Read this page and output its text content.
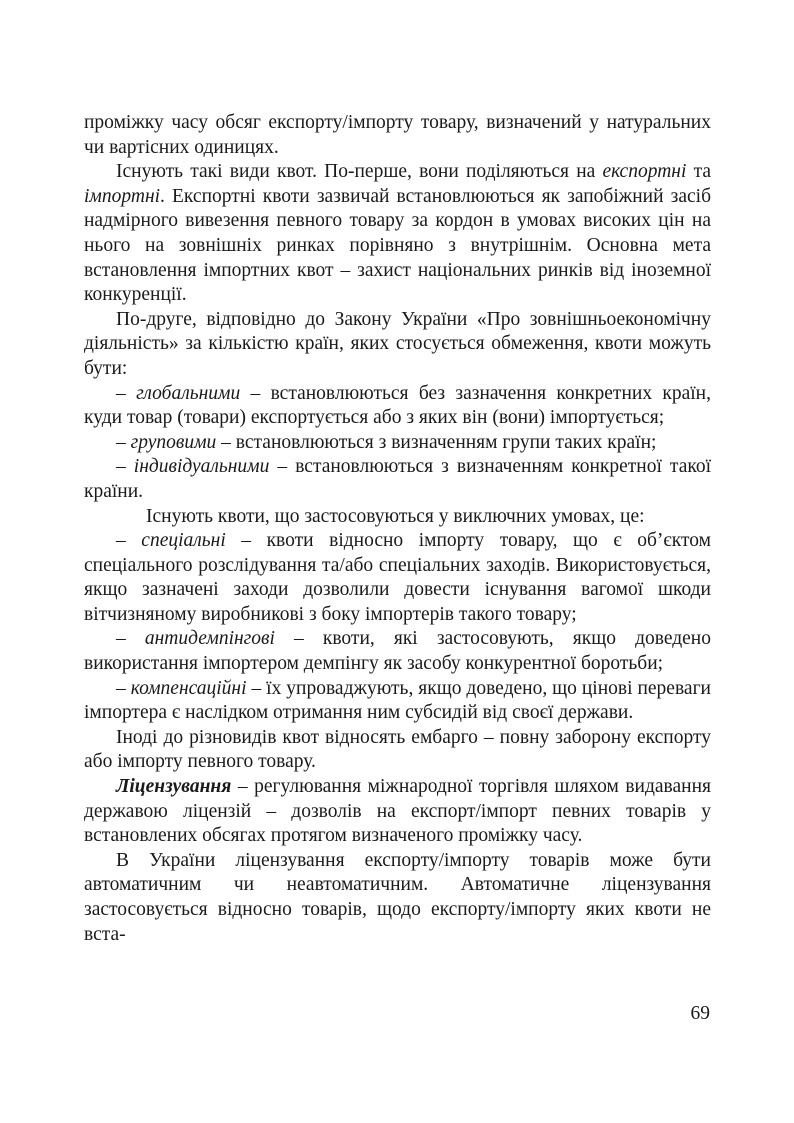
проміжку часу обсяг експорту/імпорту товару, визначений у натуральних чи вартісних одиницях.

Існують такі види квот. По-перше, вони поділяються на експортні та імпортні. Експортні квоти зазвичай встановлюються як запобіжний засіб надмірного вивезення певного товару за кордон в умовах високих цін на нього на зовнішніх ринках порівняно з внутрішнім. Основна мета встановлення імпортних квот – захист національних ринків від іноземної конкуренції.

По-друге, відповідно до Закону України «Про зовнішньоекономічну діяльність» за кількістю країн, яких стосується обмеження, квоти можуть бути:

– глобальними – встановлюються без зазначення конкретних країн, куди товар (товари) експортується або з яких він (вони) імпортується;

– груповими – встановлюються з визначенням групи таких країн;

– індивідуальними – встановлюються з визначенням конкретної такої країни.

Існують квоти, що застосовуються у виключних умовах, це:

– спеціальні – квоти відносно імпорту товару, що є об’єктом спеціального розслідування та/або спеціальних заходів. Використовується, якщо зазначені заходи дозволили довести існування вагомої шкоди вітчизняному виробникові з боку імпортерів такого товару;

– антидемпінгові – квоти, які застосовують, якщо доведено використання імпортером демпінгу як засобу конкурентної боротьби;

– компенсаційні – їх упроваджують, якщо доведено, що цінові переваги імпортера є наслідком отримання ним субсидій від своєї держави.

Іноді до різновидів квот відносять ембарго – повну заборону експорту або імпорту певного товару.

Ліцензування – регулювання міжнародної торгівля шляхом видавання державою ліцензій – дозволів на експорт/імпорт певних товарів у встановлених обсягах протягом визначеного проміжку часу.

В України ліцензування експорту/імпорту товарів може бути автоматичним чи неавтоматичним. Автоматичне ліцензування застосовується відносно товарів, щодо експорту/імпорту яких квоти не вста-

69
